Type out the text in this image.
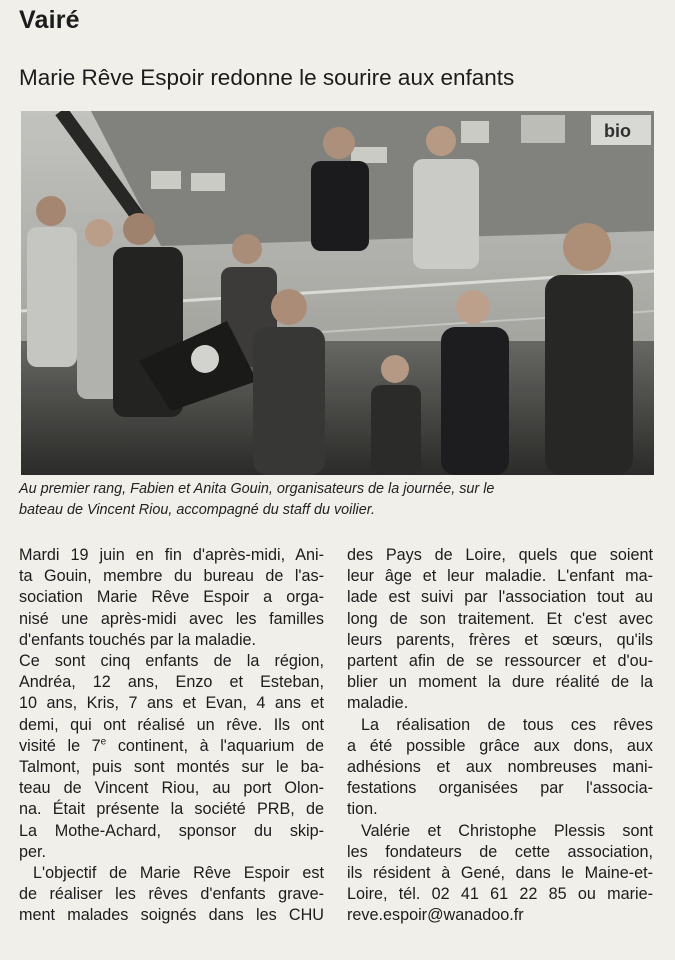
Vairé
Marie Rêve Espoir redonne le sourire aux enfants
bio
Au premier rang, Fabien et Anita Gouin, organisateurs de la journée, sur le
bateau de Vincent Riou, accompagné du staff du voilier.
Mardi 19 juin en fin d'après-midi, Ani-
ta Gouin, membre du bureau de l'as-
sociation Marie Rêve Espoir a orga-
nisé une après-midi avec les familles
d'enfants touchés par la maladie.
Ce sont cinq enfants de la région,
Andréa, 12 ans, Enzo et Esteban,
10 ans, Kris, 7 ans et Evan, 4 ans et
demi, qui ont réalisé un rêve. Ils ont
visité le 7e continent, à l'aquarium de
Talmont, puis sont montés sur le ba-
teau de Vincent Riou, au port Olon-
na. Était présente la société PRB, de
La Mothe-Achard, sponsor du skip-
per.
L'objectif de Marie Rêve Espoir est
de réaliser les rêves d'enfants grave-
ment malades soignés dans les CHU
des Pays de Loire, quels que soient
leur âge et leur maladie. L'enfant ma-
lade est suivi par l'association tout au
long de son traitement. Et c'est avec
leurs parents, frères et sœurs, qu'ils
partent afin de se ressourcer et d'ou-
blier un moment la dure réalité de la
maladie.
La réalisation de tous ces rêves
a été possible grâce aux dons, aux
adhésions et aux nombreuses mani-
festations organisées par l'associa-
tion.
Valérie et Christophe Plessis sont
les fondateurs de cette association,
ils résident à Gené, dans le Maine-et-
Loire, tél. 02 41 61 22 85 ou marie-
reve.espoir@wanadoo.fr
